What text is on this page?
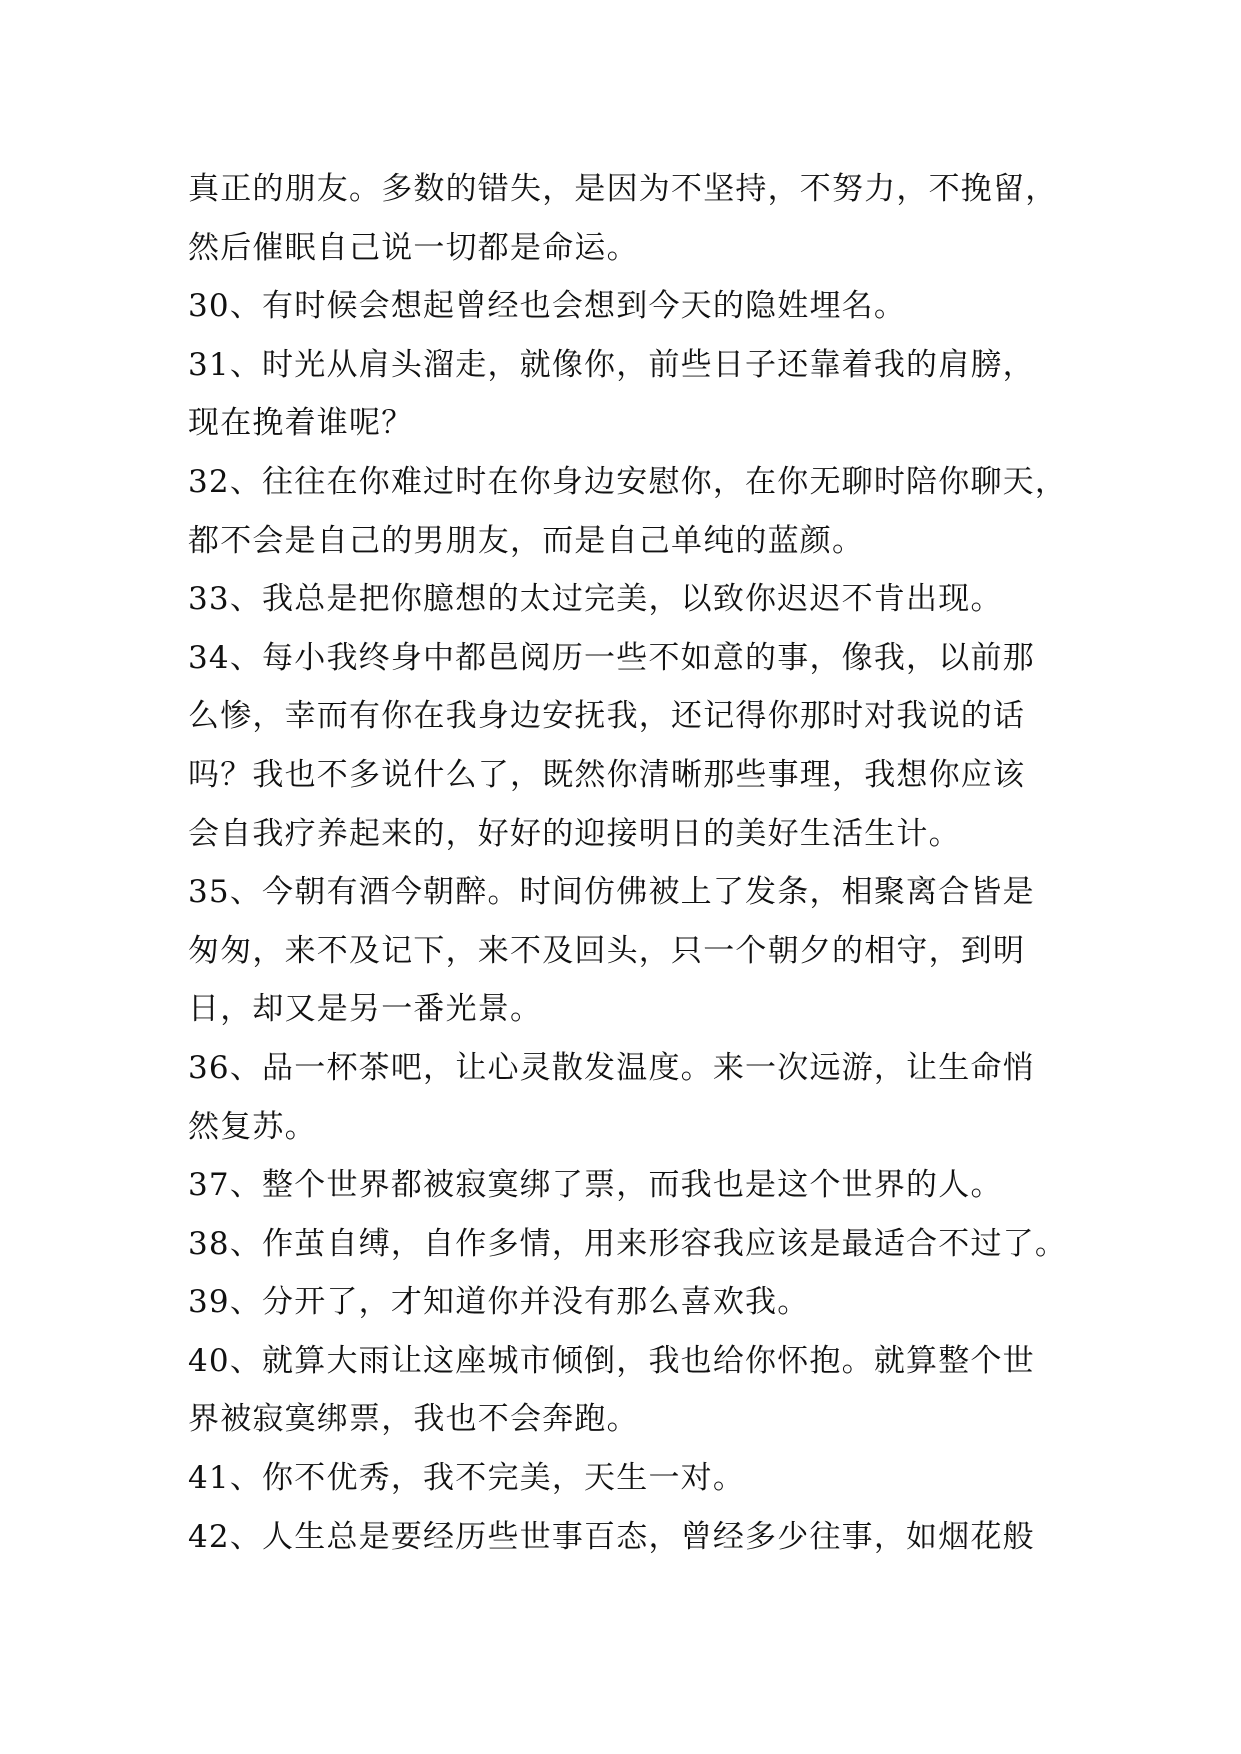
真正的朋友。多数的错失，是因为不坚持，不努力，不挽留，
然后催眠自己说一切都是命运。
30、有时候会想起曾经也会想到今天的隐姓埋名。
31、时光从肩头溜走，就像你，前些日子还靠着我的肩膀，
现在挽着谁呢？
32、往往在你难过时在你身边安慰你，在你无聊时陪你聊天，
都不会是自己的男朋友，而是自己单纯的蓝颜。
33、我总是把你臆想的太过完美，以致你迟迟不肯出现。
34、每小我终身中都邑阅历一些不如意的事，像我，以前那
么惨，幸而有你在我身边安抚我，还记得你那时对我说的话
吗？我也不多说什么了，既然你清晰那些事理，我想你应该
会自我疗养起来的，好好的迎接明日的美好生活生计。
35、今朝有酒今朝醉。时间仿佛被上了发条，相聚离合皆是
匆匆，来不及记下，来不及回头，只一个朝夕的相守，到明
日，却又是另一番光景。
36、品一杯茶吧，让心灵散发温度。来一次远游，让生命悄
然复苏。
37、整个世界都被寂寞绑了票，而我也是这个世界的人。
38、作茧自缚，自作多情，用来形容我应该是最适合不过了。
39、分开了，才知道你并没有那么喜欢我。
40、就算大雨让这座城市倾倒，我也给你怀抱。就算整个世
界被寂寞绑票，我也不会奔跑。
41、你不优秀，我不完美，天生一对。
42、人生总是要经历些世事百态，曾经多少往事，如烟花般
